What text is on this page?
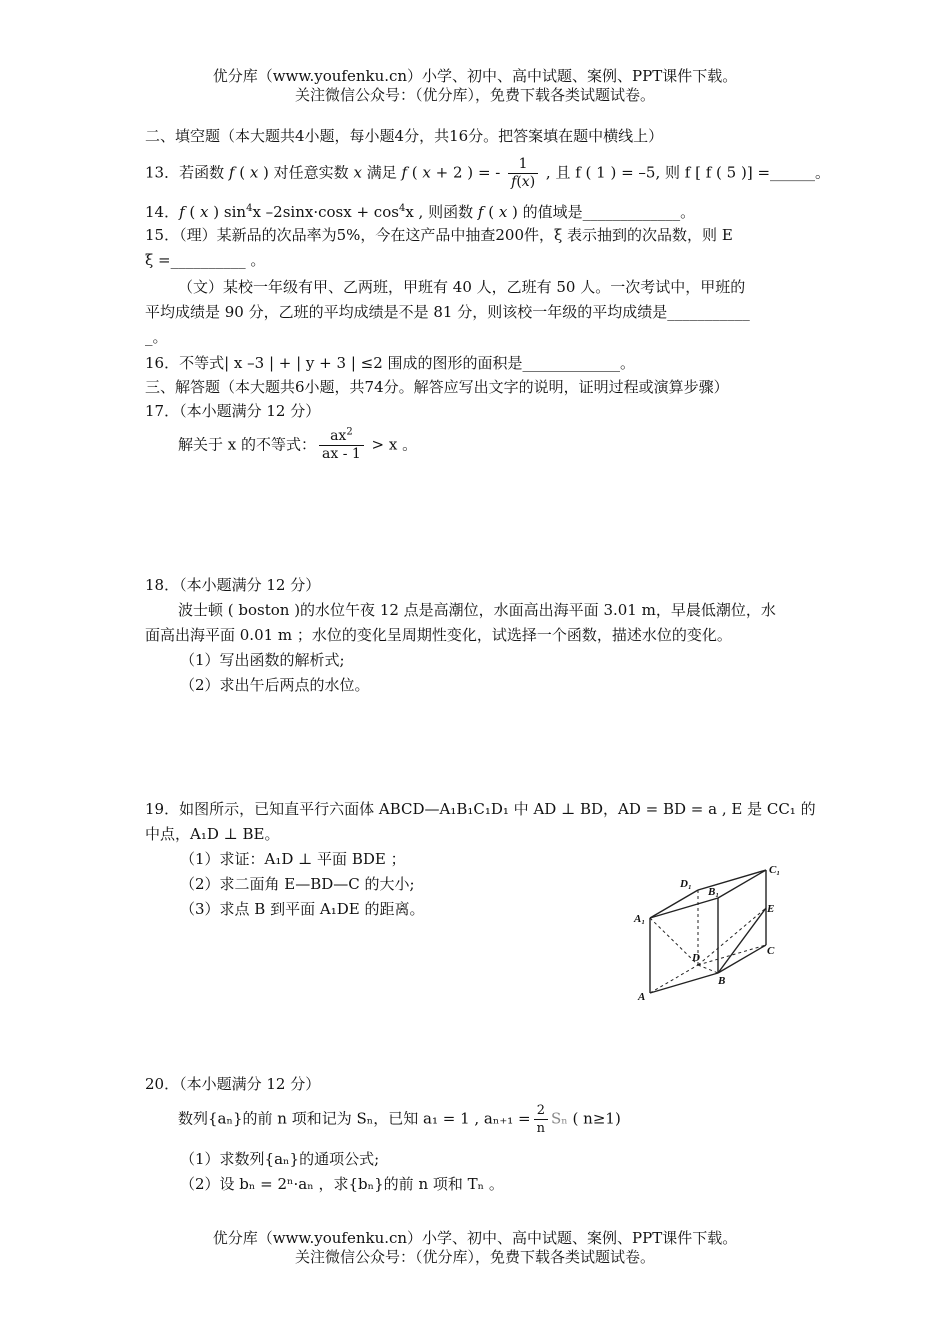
优分库（www.youfenku.cn）小学、初中、高中试题、案例、PPT课件下载。
关注微信公众号：（优分库），免费下载各类试题试卷。
二、填空题（本大题共4小题，每小题4分，共16分。把答案填在题中横线上）
13．若函数 f ( x ) 对任意实数 x 满足 f ( x + 2 ) = - $\frac{1}{f(x)}$ , 且 f ( 1 ) = –5, 则 f [ f ( 5 )] =______。
14．f ( x ) $\sin^4x$ $-2\sin x\cdot\cos x + \cos^4x$ , 则函数 f ( x ) 的值域是_____________。
15．（理）某新品的次品率为5%，今在这产品中抽查200件，ξ 表示抽到的次品数，则 E
ξ =__________ 。
（文）某校一年级有甲、乙两班，甲班有 40 人，乙班有 50 人。一次考试中，甲班的
平均成绩是 90 分，乙班的平均成绩是不是 81 分，则该校一年级的平均成绩是___________
_。
16．不等式| x –3 | + | y + 3 | ≤2 围成的图形的面积是_____________。
三、解答题（本大题共6小题，共74分。解答应写出文字的说明，证明过程或演算步骤）
17．（本小题满分 12 分）
解关于 x 的不等式： $\frac{ax^2}{ax - 1} > x$ 。
18．（本小题满分 12 分）
波士顿 ( boston )的水位午夜 12 点是高潮位，水面高出海平面 3.01 m，早晨低潮位，水
面高出海平面 0.01 m ；水位的变化呈周期性变化，试选择一个函数，描述水位的变化。
（1）写出函数的解析式;
（2）求出午后两点的水位。
19．如图所示，已知直平行六面体 ABCD—A₁B₁C₁D₁ 中 AD ⊥ BD，AD = BD = a , E 是 CC₁ 的
中点，A₁D ⊥ BE。
（1）求证：A₁D ⊥ 平面 BDE ；
（2）求二面角 E—BD—C 的大小;
（3）求点 B 到平面 A₁DE 的距离。
A₁
D₁
B₁
C₁
E
C
D
B
A
20．（本小题满分 12 分）
数列{aₙ}的前 n 项和记为 Sₙ，已知 a₁ = 1 , $a_{n+1} = \frac{2}{n}$ Sₙ ( n≥1)
（1）求数列{aₙ}的通项公式;
（2）设 bₙ = 2ⁿ·aₙ ，求{bₙ}的前 n 项和 Tₙ 。
优分库（www.youfenku.cn）小学、初中、高中试题、案例、PPT课件下载。
关注微信公众号：（优分库），免费下载各类试题试卷。
